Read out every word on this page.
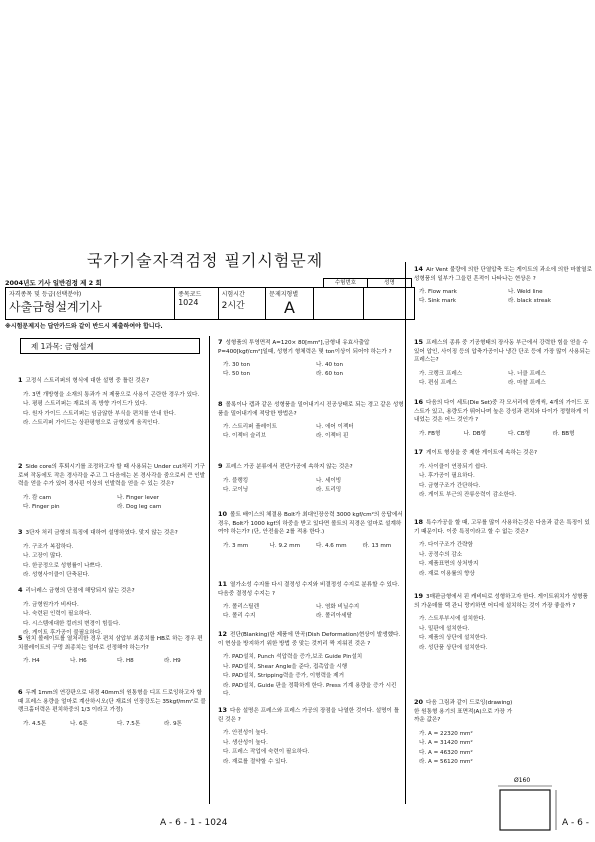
국가기술자격검정 필기시험문제
2004년도 기사 일반검정 제 2 회
자격종목 및 등급(선택분야)
사출금형설계기사

종목코드
1024

시험시간
2시간

문제지형별
A

수험번호	성명
※시험문제지는 답안카드와 같이 반드시 제출하여야 합니다.
제 1과목: 금형설계
1 고정식 스트리퍼의 형식에 대한 설명 중 틀린 것은?
가. 3면 개방형을 소재의 통과가 저 제품으로 사용이 곤란한 경우가 있다.
나. 평평 스트리퍼는 재료의 폭 방향 가이드가 있다.
다. 원자 가이드 스트리퍼는 임금않한 부식을 편치를 안내 한다.
라. 스트리퍼 가이드는 상판평형으로 금형있게 움직인다.
2 Side core의 후퇴시기를 조정하고자 할 때 사용되는 Under cut처리 기구로써 작동에도 작은 경사각을 주고 그 다음에는 본 경사각을 줌으로써 큰 인발력을 얻을 수가 있어 경사핀 이상의 인발력을 얻을 수 있는 것은?
가. 캄 cam	나. Finger lever
다. Finger pin	라. Dog leg cam
3 3단자 처리 금형의 특징에 대하여 설명하였다. 맞지 않는 것은?
가. 구조가 복잡하다.
나. 고장이 많다.
다. 한공정으로 성형률이 나쁘다.
라. 성형사이클이 단축된다.
4 리너레스 금형의 단점에 해당되지 않는 것은?
가. 금형원가가 비싸다.
나. 숙련된 인력이 필요하다.
다. 시스템에대한 컬러의 변경이 힘들다.
라. 게이트 후가공이 불필요하다.
5 원치 볼레이트를 열처리한 경우 편치 삼압부 최종치를 HB로 하는 경우 편치볼레이트의 구멍 최종치는 얼마로 선정해야 하는가?
가. H4	나. H6	다. H8	라. H9
6 두께 1mm의 연강판으로 내경 40mm의 원통형을 디프 드로잉하고자 할때 프레스 용량을 얼마로 계산하시오(단 재료의 인장강도는 35kgf/mm²로 블랭크홀더력은 편치하중의 1/3 이라고 가정)
가. 4.5톤	나. 6톤	다. 7.5톤	라. 9톤
7 성형품의 투영면적 A=120× 80[mm²],금형내 유효사출압 P=400[kgf/cm²]일때, 성형기 형체력은 몇 ton이상이 되어야 하는가 ?
가. 30 ton	나. 40 ton
다. 50 ton	라. 60 ton
8 볼록이나 캡과 같은 성형품을 밀어내기시 진공상태로 되는 경고 같은 성형품을 밀어내기에 적당한 방법은?
가. 스트리퍼 플레이트	나. 에어 이젝터
다. 이젝터 슬리브	라. 이젝터 핀
9 프레스 가공 분류에서 전단가공에 속하지 않는 것은?
가. 블랭킹	나. 세이빙
다. 코이닝	라. 트리밍
10 볼트 배이스의 체결용 Bolt가 최대인장응력 3000 kgf/cm²의 응답에서 경우, Bolt가 1000 kgf의 하중을 받고 있다면 볼트의 직경은 얼마로 설계하여야 하는가? (단, 안전율은 2를 적용 한다.)
가. 3 mm	나. 9.2 mm	다. 4.6 mm	라. 13 mm
11 열가소성 수지를 다시 결정성 수지와 비결정성 수지로 분류할 수 있다. 다음중 결정성 수지는 ?
가. 폴리스틸렌	나. 염화 비닐수지
다. 폴리 수지	라. 폴리아세탈
12 전단(Blanking)한 제품에 만곡(Dish Deformation)현상이 발생했다. 이 현상을 방지하기 위한 방법 중 맞는 것끼리 짝 지워진 것은 ?
가. PAD설치, Punch 석압력을 증가,보조 Guide Pin설치
나. PAD설치, Shear Angle을 준다, 접촉압을 시행
다. PAD설치, Stripping력을 증가, 이형력을 제거
라. PAD설치, Guide 판을 정확하게 한다. Press 기계 용량을 증가 시킨다.
13 다음 설명은 프레스와 프레스 가공의 장점을 나열한 것이다. 설명이 틀린 것은 ?
가. 안전성이 높다.
나. 생산성이 높다.
다. 프레스 작업에 숙련이 필요하다.
라. 재료를 절약할 수 있다.
14 Air Vent 불량에 의한 단열압축 또는 게이트의 과소에 의한 마찰열로 성형품의 일부가 그을린 흔적이 나타나는 현상은 ?
가. Flow mark	나. Weld line
다. Sink mark	라. black streak
15 프레스의 종류 중 기공형태의 장사동 부근에서 강력한 힘을 얻을 수 있어 압인, 사이징 등의 압축가공이나 냉간 단조 등에 가장 많이 사용되는 프레스는?
가. 크랭크 프레스	나. 너클 프레스
다. 편심 프레스	라. 마찰 프레스
16 다음의 다이 세트(Die Set)중 각 모서리에 한개씩, 4개의 가이드 포스트가 있고, 용량도가 뛰어나며 높은 강성과 편치와 다이가 정렬하게 이내었는 것은 어느 것인가 ?
가. FB형	나. DB형	다. CB형	라. BB형
17 게이트 형상을 중 제한 게이트에 속하는 것은?
가. 사이클이 연장되기 쉽다.
나. 후가공이 필요하다.
다. 금형구조가 간단하다.
라. 게이트 부근의 잔류응력이 감소한다.
18 특수가공을 할 때, 고무를 많이 사용하는것은 다음과 같은 특징이 있기 때문이다. 이중 특징이라고 할 수 없는 것은?
가. 다이구조가 간략함
나. 공정수의 감소
다. 제품표면의 상처방지
라. 재료 이용률의 향상
19 3매판금형에서 핀 캐비티로 성형하고자 한다. 게이트위치가 성형품의 가운데를 택 관니 랑키하면 어디에 설치하는 것이 가장 좋을까 ?
가. 스트루부시에 설치한다.
나. 밑판에 설치한다.
다. 제품의 상단에 설치한다.
라. 성단품 상단에 설치한다.
20 다음 그림과 같이 드로잉(drawing)한 원통형 용기의 표면적(A)으로 가장 가까운 값은?
가. A = 22320 mm²
나. A = 31420 mm²
다. A = 46320 mm²
라. A = 56120 mm²
Ø160
A - 6 - 1 - 1024	A - 6 -
